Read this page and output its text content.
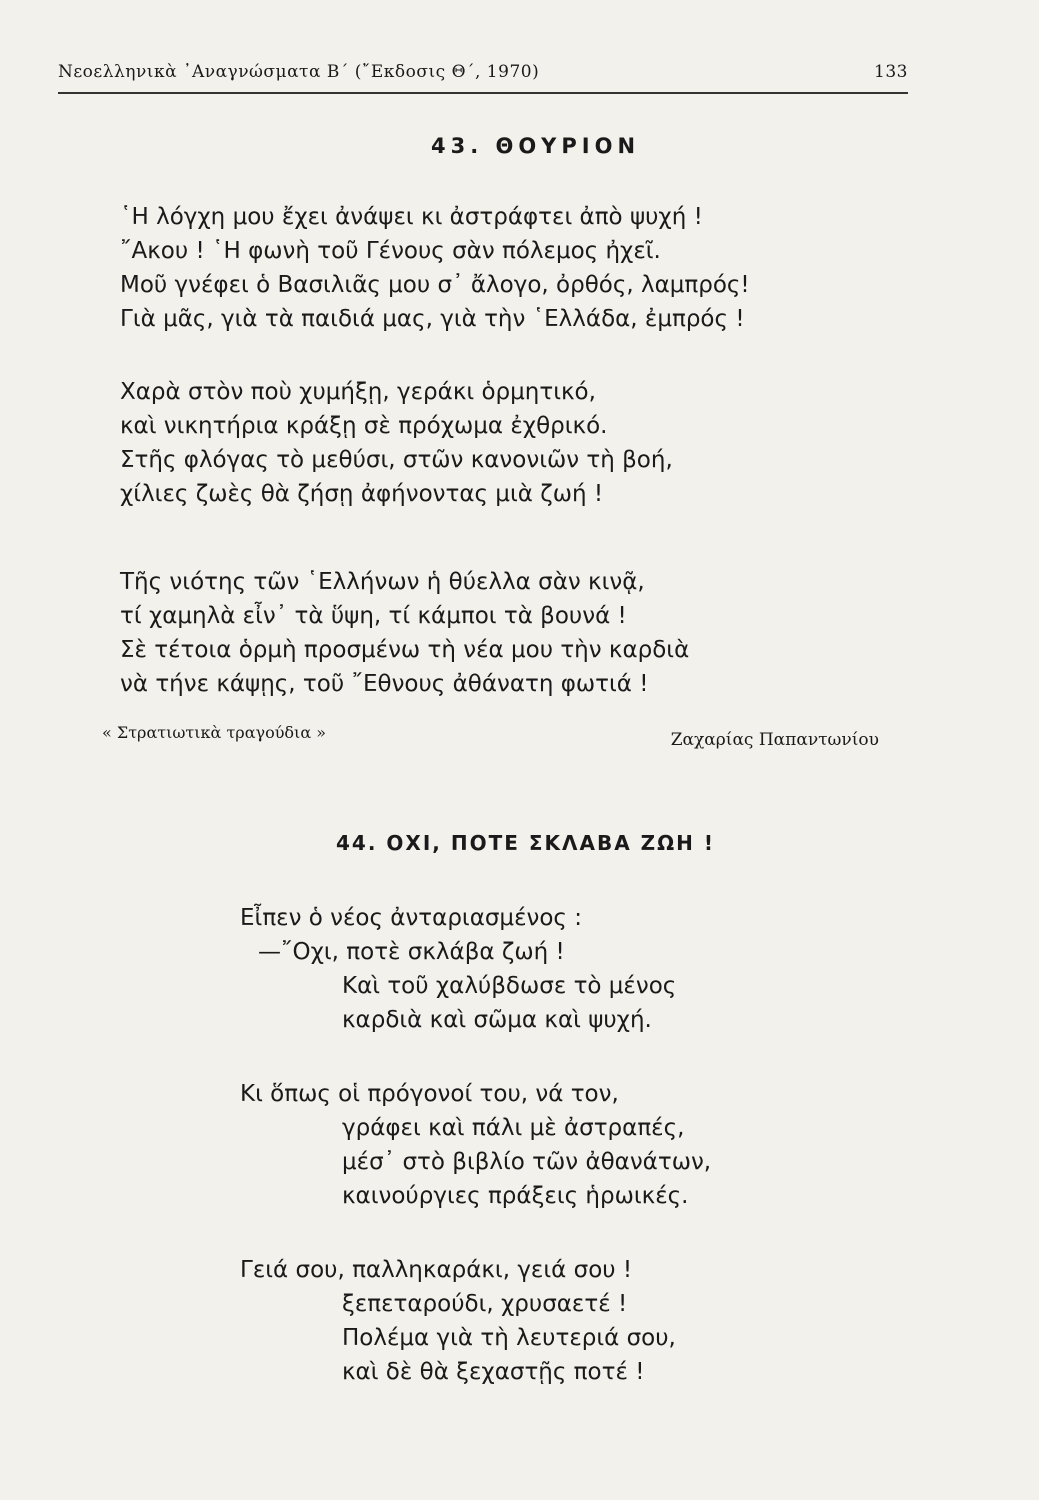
Νεοελληνικὰ ᾿Αναγνώσματα Β΄ (῎Εκδοσις Θ΄, 1970)	133
43. ΘΟΥΡΙΟΝ
῾Η λόγχη μου ἔχει ἀνάψει κι ἀστράφτει ἀπὸ ψυχή !
῎Ακου ! ῾Η φωνὴ τοῦ Γένους σὰν πόλεμος ἠχεῖ.
Μοῦ γνέφει ὁ Βασιλιᾶς μου σ᾿ ἄλογο, ὀρθός, λαμπρός!
Γιὰ μᾶς, γιὰ τὰ παιδιά μας, γιὰ τὴν ῾Ελλάδα, ἐμπρός !
Χαρὰ στὸν ποὺ χυμήξῃ, γεράκι ὁρμητικό,
καὶ νικητήρια κράξῃ σὲ πρόχωμα ἐχθρικό.
Στῆς φλόγας τὸ μεθύσι, στῶν κανονιῶν τὴ βοή,
χίλιες ζωὲς θὰ ζήσῃ ἀφήνοντας μιὰ ζωή !
Τῆς νιότης τῶν ῾Ελλήνων ἡ θύελλα σὰν κινᾷ,
τί χαμηλὰ εἶν᾿ τὰ ὕψη, τί κάμποι τὰ βουνά !
Σὲ τέτοια ὁρμὴ προσμένω τὴ νέα μου τὴν καρδιὰ
νὰ τήνε κάψῃς, τοῦ ῎Εθνους ἀθάνατη φωτιά !
« Στρατιωτικὰ τραγούδια »	Ζαχαρίας Παπαντωνίου
44. ΟΧΙ, ΠΟΤΕ ΣΚΛΑΒΑ ΖΩΗ !
Εἶπεν ὁ νέος ἀνταριασμένος :
—῎Οχι, ποτὲ σκλάβα ζωή !
Καὶ τοῦ χαλύβδωσε τὸ μένος
καρδιὰ καὶ σῶμα καὶ ψυχή.
Κι ὅπως οἱ πρόγονοί του, νά τον,
γράφει καὶ πάλι μὲ ἀστραπές,
μέσ᾿ στὸ βιβλίο τῶν ἀθανάτων,
καινούργιες πράξεις ἡρωικές.
Γειά σου, παλληκαράκι, γειά σου !
ξεπεταρούδι, χρυσαετέ !
Πολέμα γιὰ τὴ λευτεριά σου,
καὶ δὲ θὰ ξεχαστῇς ποτέ !
